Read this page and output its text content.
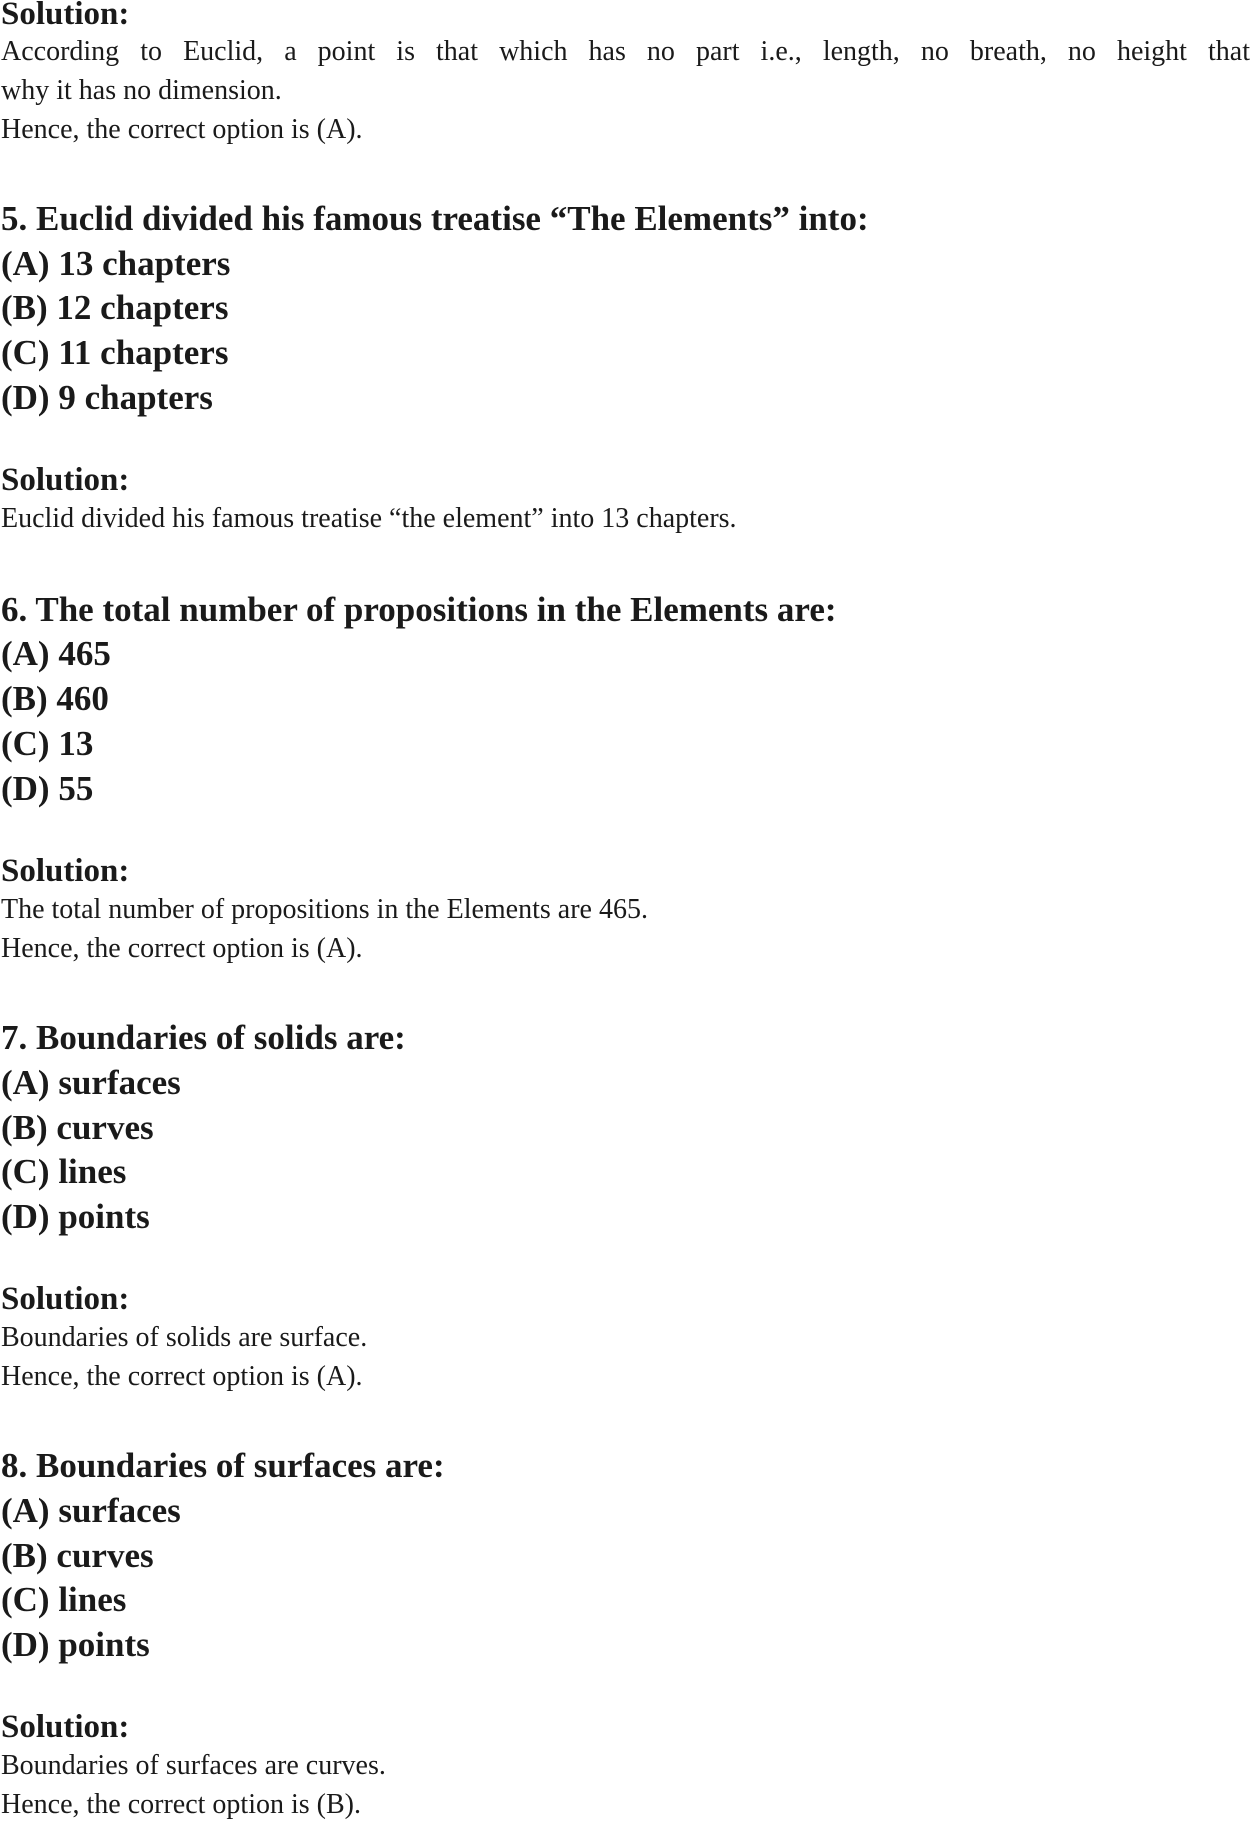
Solution:
According to Euclid, a point is that which has no part i.e., length, no breath, no height that
why it has no dimension.
Hence, the correct option is (A).
5. Euclid divided his famous treatise “The Elements” into:
(A) 13 chapters
(B) 12 chapters
(C) 11 chapters
(D) 9 chapters
Solution:
Euclid divided his famous treatise “the element” into 13 chapters.
6. The total number of propositions in the Elements are:
(A) 465
(B) 460
(C) 13
(D) 55
Solution:
The total number of propositions in the Elements are 465.
Hence, the correct option is (A).
7. Boundaries of solids are:
(A) surfaces
(B) curves
(C) lines
(D) points
Solution:
Boundaries of solids are surface.
Hence, the correct option is (A).
8. Boundaries of surfaces are:
(A) surfaces
(B) curves
(C) lines
(D) points
Solution:
Boundaries of surfaces are curves.
Hence, the correct option is (B).
